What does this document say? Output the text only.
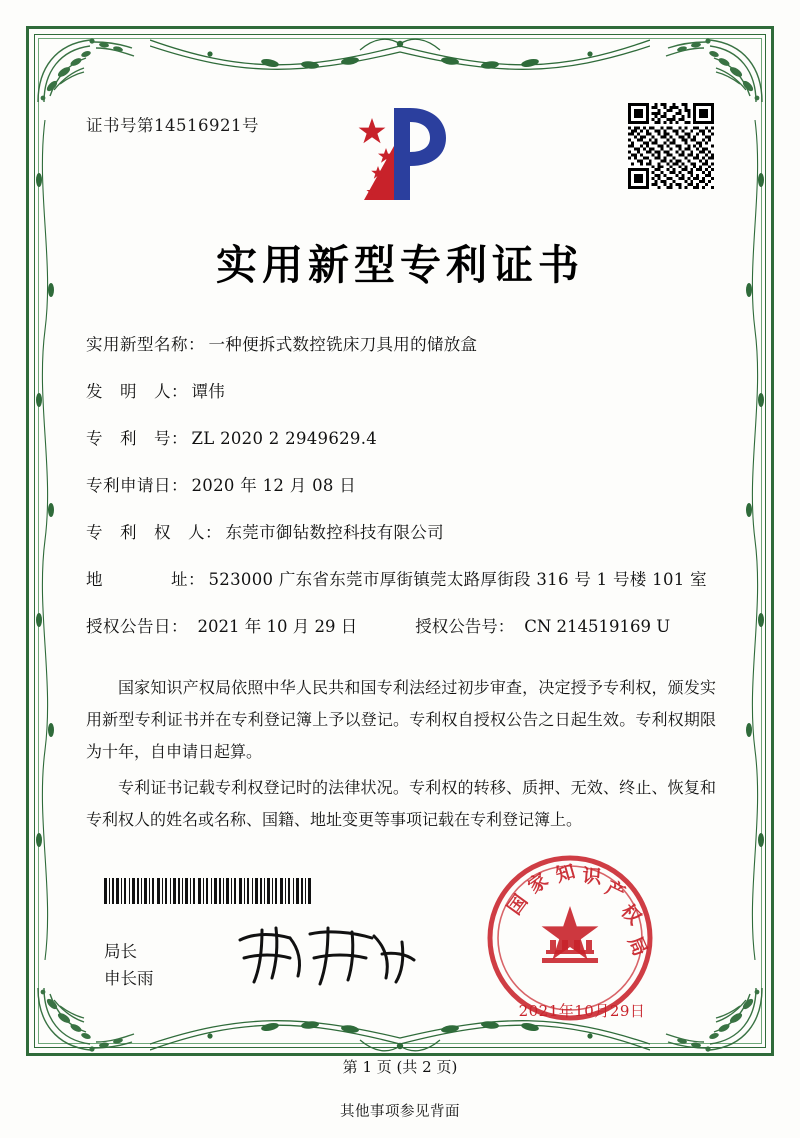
证书号第14516921号
实用新型专利证书
实用新型名称 ： 一种便拆式数控铣床刀具用的储放盒
发　明　人 ： 谭伟
专　利　号 ： ZL 2020 2 2949629.4
专利申请日 ： 2020 年 12 月 08 日
专　利　权　人 ： 东莞市御钻数控科技有限公司
地　　　　址 ： 523000 广东省东莞市厚街镇莞太路厚街段 316 号 1 号楼 101 室
授权公告日 ： 2021 年 10 月 29 日	授权公告号 ： CN 214519169 U

国家知识产权局依照中华人民共和国专利法经过初步审查，决定授予专利权，颁发实用新型专利证书并在专利登记簿上予以登记。专利权自授权公告之日起生效。专利权期限为十年，自申请日起算。

专利证书记载专利权登记时的法律状况。专利权的转移、质押、无效、终止、恢复和专利权人的姓名或名称、国籍、地址变更等事项记载在专利登记簿上。

局长
申长雨
国
家 知 识
产
权
局
2021年10月29日
第 1 页 (共 2 页)
其他事项参见背面
